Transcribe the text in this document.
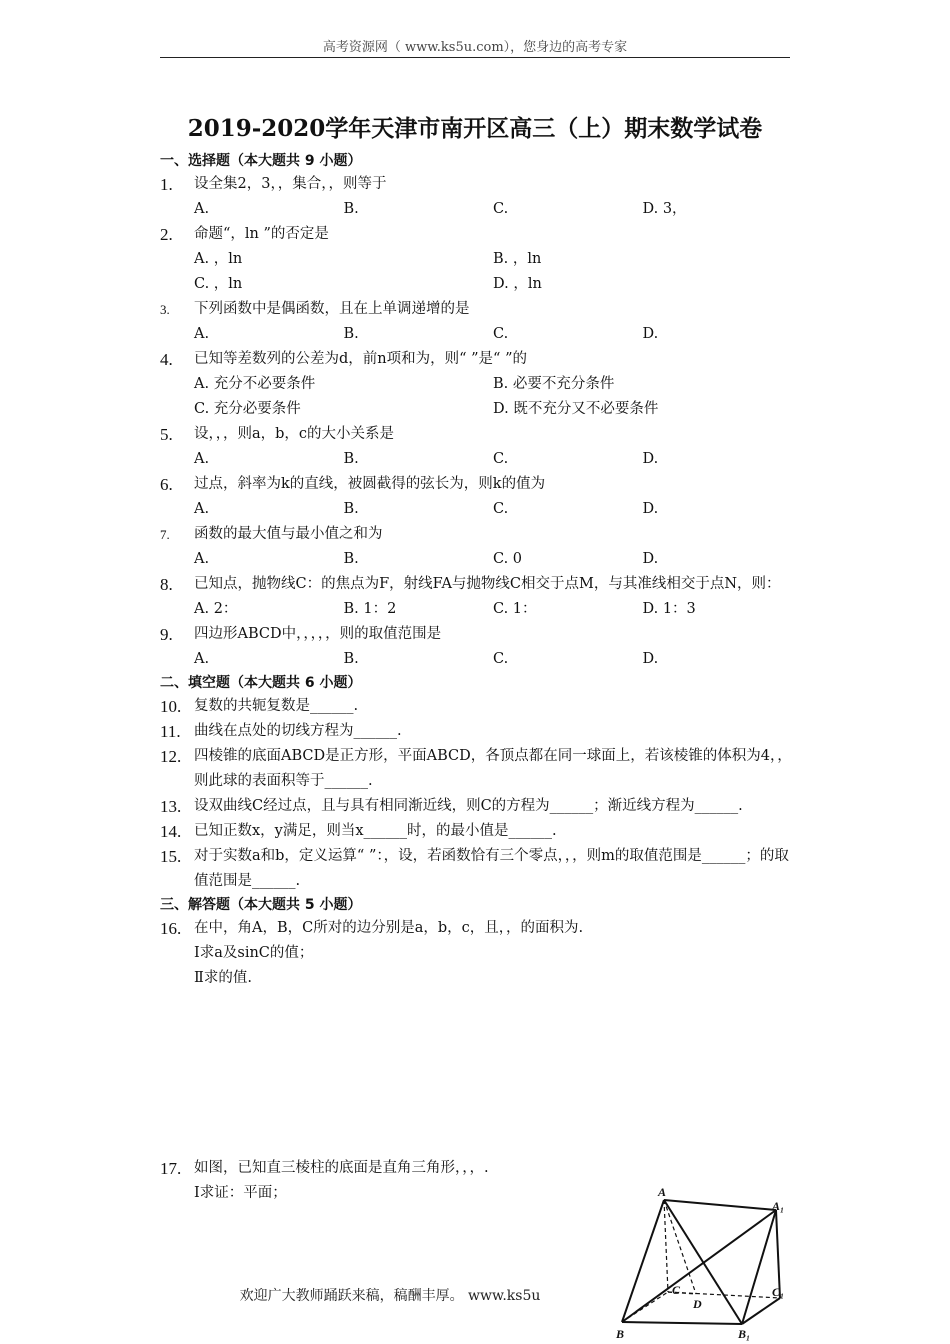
高考资源网（ www.ks5u.com），您身边的高考专家
2019-2020学年天津市南开区高三（上）期末数学试卷
一、选择题（本大题共 9 小题）
1.	设全集2，3，，集合，，则等于
A.	B.	C.	D. 3，
2.	命题“，ln ”的否定是
A. ，ln	B. ，ln
C. ，ln	D. ，ln
3.	下列函数中是偶函数，且在上单调递增的是
A.	B.	C.	D.
4.	已知等差数列的公差为d，前n项和为，则“ ”是“ ”的
A. 充分不必要条件	B. 必要不充分条件
C. 充分必要条件	D. 既不充分又不必要条件
5.	设，，，则a，b，c的大小关系是
A.	B.	C.	D.
6.	过点，斜率为k的直线，被圆截得的弦长为，则k的值为
A.	B.	C.	D.
7.	函数的最大值与最小值之和为
A.	B.	C. 0	D.
8.	已知点，抛物线C：的焦点为F，射线FA与抛物线C相交于点M，与其准线相交于点N，则：
A. 2：	B. 1：2	C. 1：	D. 1：3
9.	四边形ABCD中，，，，，则的取值范围是
A.	B.	C.	D.
二、填空题（本大题共 6 小题）
10. 复数的共轭复数是______.
11. 曲线在点处的切线方程为______.
12. 四棱锥的底面ABCD是正方形，平面ABCD，各顶点都在同一球面上，若该棱锥的体积为4，，则此球的表面积等于______.
13. 设双曲线C经过点，且与具有相同渐近线，则C的方程为______；渐近线方程为______.
14. 已知正数x，y满足，则当x______时，的最小值是______.
15. 对于实数a和b，定义运算“ ”：，设，若函数恰有三个零点，，，则m的取值范围是______；的取值范围是______.
三、解答题（本大题共 5 小题）
16. 在中，角A，B，C所对的边分别是a，b，c，且，，的面积为.
Ⅰ求a及sinC的值；
Ⅱ求的值.
17. 如图，已知直三棱柱的底面是直角三角形，，，.
Ⅰ求证：平面；
欢迎广大教师踊跃来稿，稿酬丰厚。 www.ks5u
A
A₁
C
D
C₁
B	B₁
